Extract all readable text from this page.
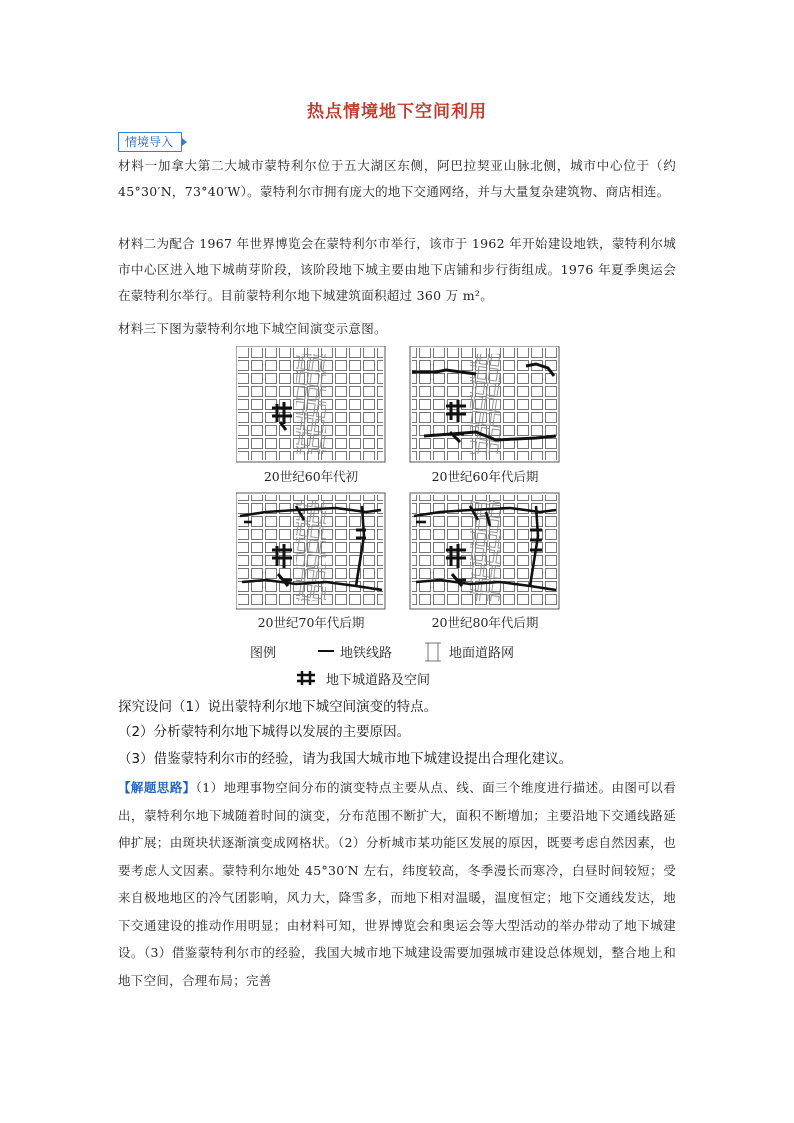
热点情境地下空间利用
情境导入
材料一加拿大第二大城市蒙特利尔位于五大湖区东侧，阿巴拉契亚山脉北侧，城市中心位于（约 45°30′N，73°40′W）。蒙特利尔市拥有庞大的地下交通网络，并与大量复杂建筑物、商店相连。
材料二为配合 1967 年世界博览会在蒙特利尔市举行，该市于 1962 年开始建设地铁，蒙特利尔城市中心区进入地下城萌芽阶段，该阶段地下城主要由地下店铺和步行街组成。1976 年夏季奥运会在蒙特利尔举行。目前蒙特利尔地下城建筑面积超过 360 万 m²。
材料三下图为蒙特利尔地下城空间演变示意图。
20世纪60年代初	20世纪60年代后期
20世纪70年代后期	20世纪80年代后期
图例	地铁线路	地面道路网
地下城道路及空间
探究设问（1）说出蒙特利尔地下城空间演变的特点。
（2）分析蒙特利尔地下城得以发展的主要原因。
（3）借鉴蒙特利尔市的经验，请为我国大城市地下城建设提出合理化建议。
【解题思路】（1）地理事物空间分布的演变特点主要从点、线、面三个维度进行描述。由图可以看出，蒙特利尔地下城随着时间的演变，分布范围不断扩大，面积不断增加；主要沿地下交通线路延伸扩展；由斑块状逐渐演变成网格状。（2）分析城市某功能区发展的原因，既要考虑自然因素，也要考虑人文因素。蒙特利尔地处 45°30′N 左右，纬度较高，冬季漫长而寒冷，白昼时间较短；受来自极地地区的冷气团影响，风力大，降雪多，而地下相对温暖，温度恒定；地下交通线发达，地下交通建设的推动作用明显；由材料可知，世界博览会和奥运会等大型活动的举办带动了地下城建设。（3）借鉴蒙特利尔市的经验，我国大城市地下城建设需要加强城市建设总体规划，整合地上和地下空间，合理布局；完善
